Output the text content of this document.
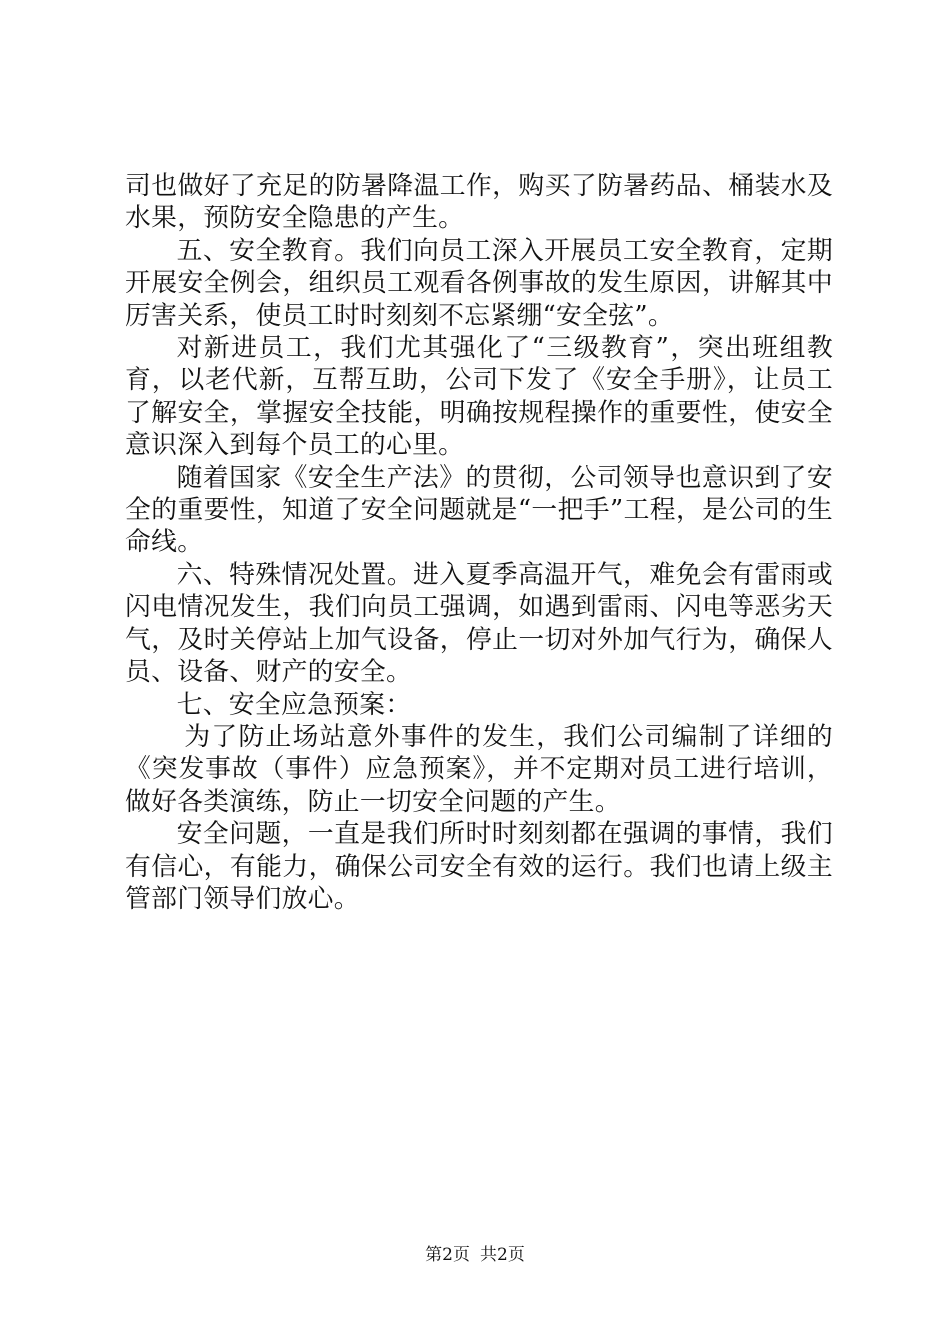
司也做好了充足的防暑降温工作，购买了防暑药品、桶装水及水果，预防安全隐患的产生。

五、安全教育。我们向员工深入开展员工安全教育，定期开展安全例会，组织员工观看各例事故的发生原因，讲解其中厉害关系，使员工时时刻刻不忘紧绷“安全弦”。

对新进员工，我们尤其强化了“三级教育”，突出班组教育，以老代新，互帮互助，公司下发了《安全手册》，让员工了解安全，掌握安全技能，明确按规程操作的重要性，使安全意识深入到每个员工的心里。

随着国家《安全生产法》的贯彻，公司领导也意识到了安全的重要性，知道了安全问题就是“一把手”工程，是公司的生命线。

六、特殊情况处置。进入夏季高温开气，难免会有雷雨或闪电情况发生，我们向员工强调，如遇到雷雨、闪电等恶劣天气，及时关停站上加气设备，停止一切对外加气行为，确保人员、设备、财产的安全。

七、安全应急预案：

为了防止场站意外事件的发生，我们公司编制了详细的《突发事故（事件）应急预案》，并不定期对员工进行培训，做好各类演练，防止一切安全问题的产生。

安全问题，一直是我们所时时刻刻都在强调的事情，我们有信心，有能力，确保公司安全有效的运行。我们也请上级主管部门领导们放心。

第2页 共2页
